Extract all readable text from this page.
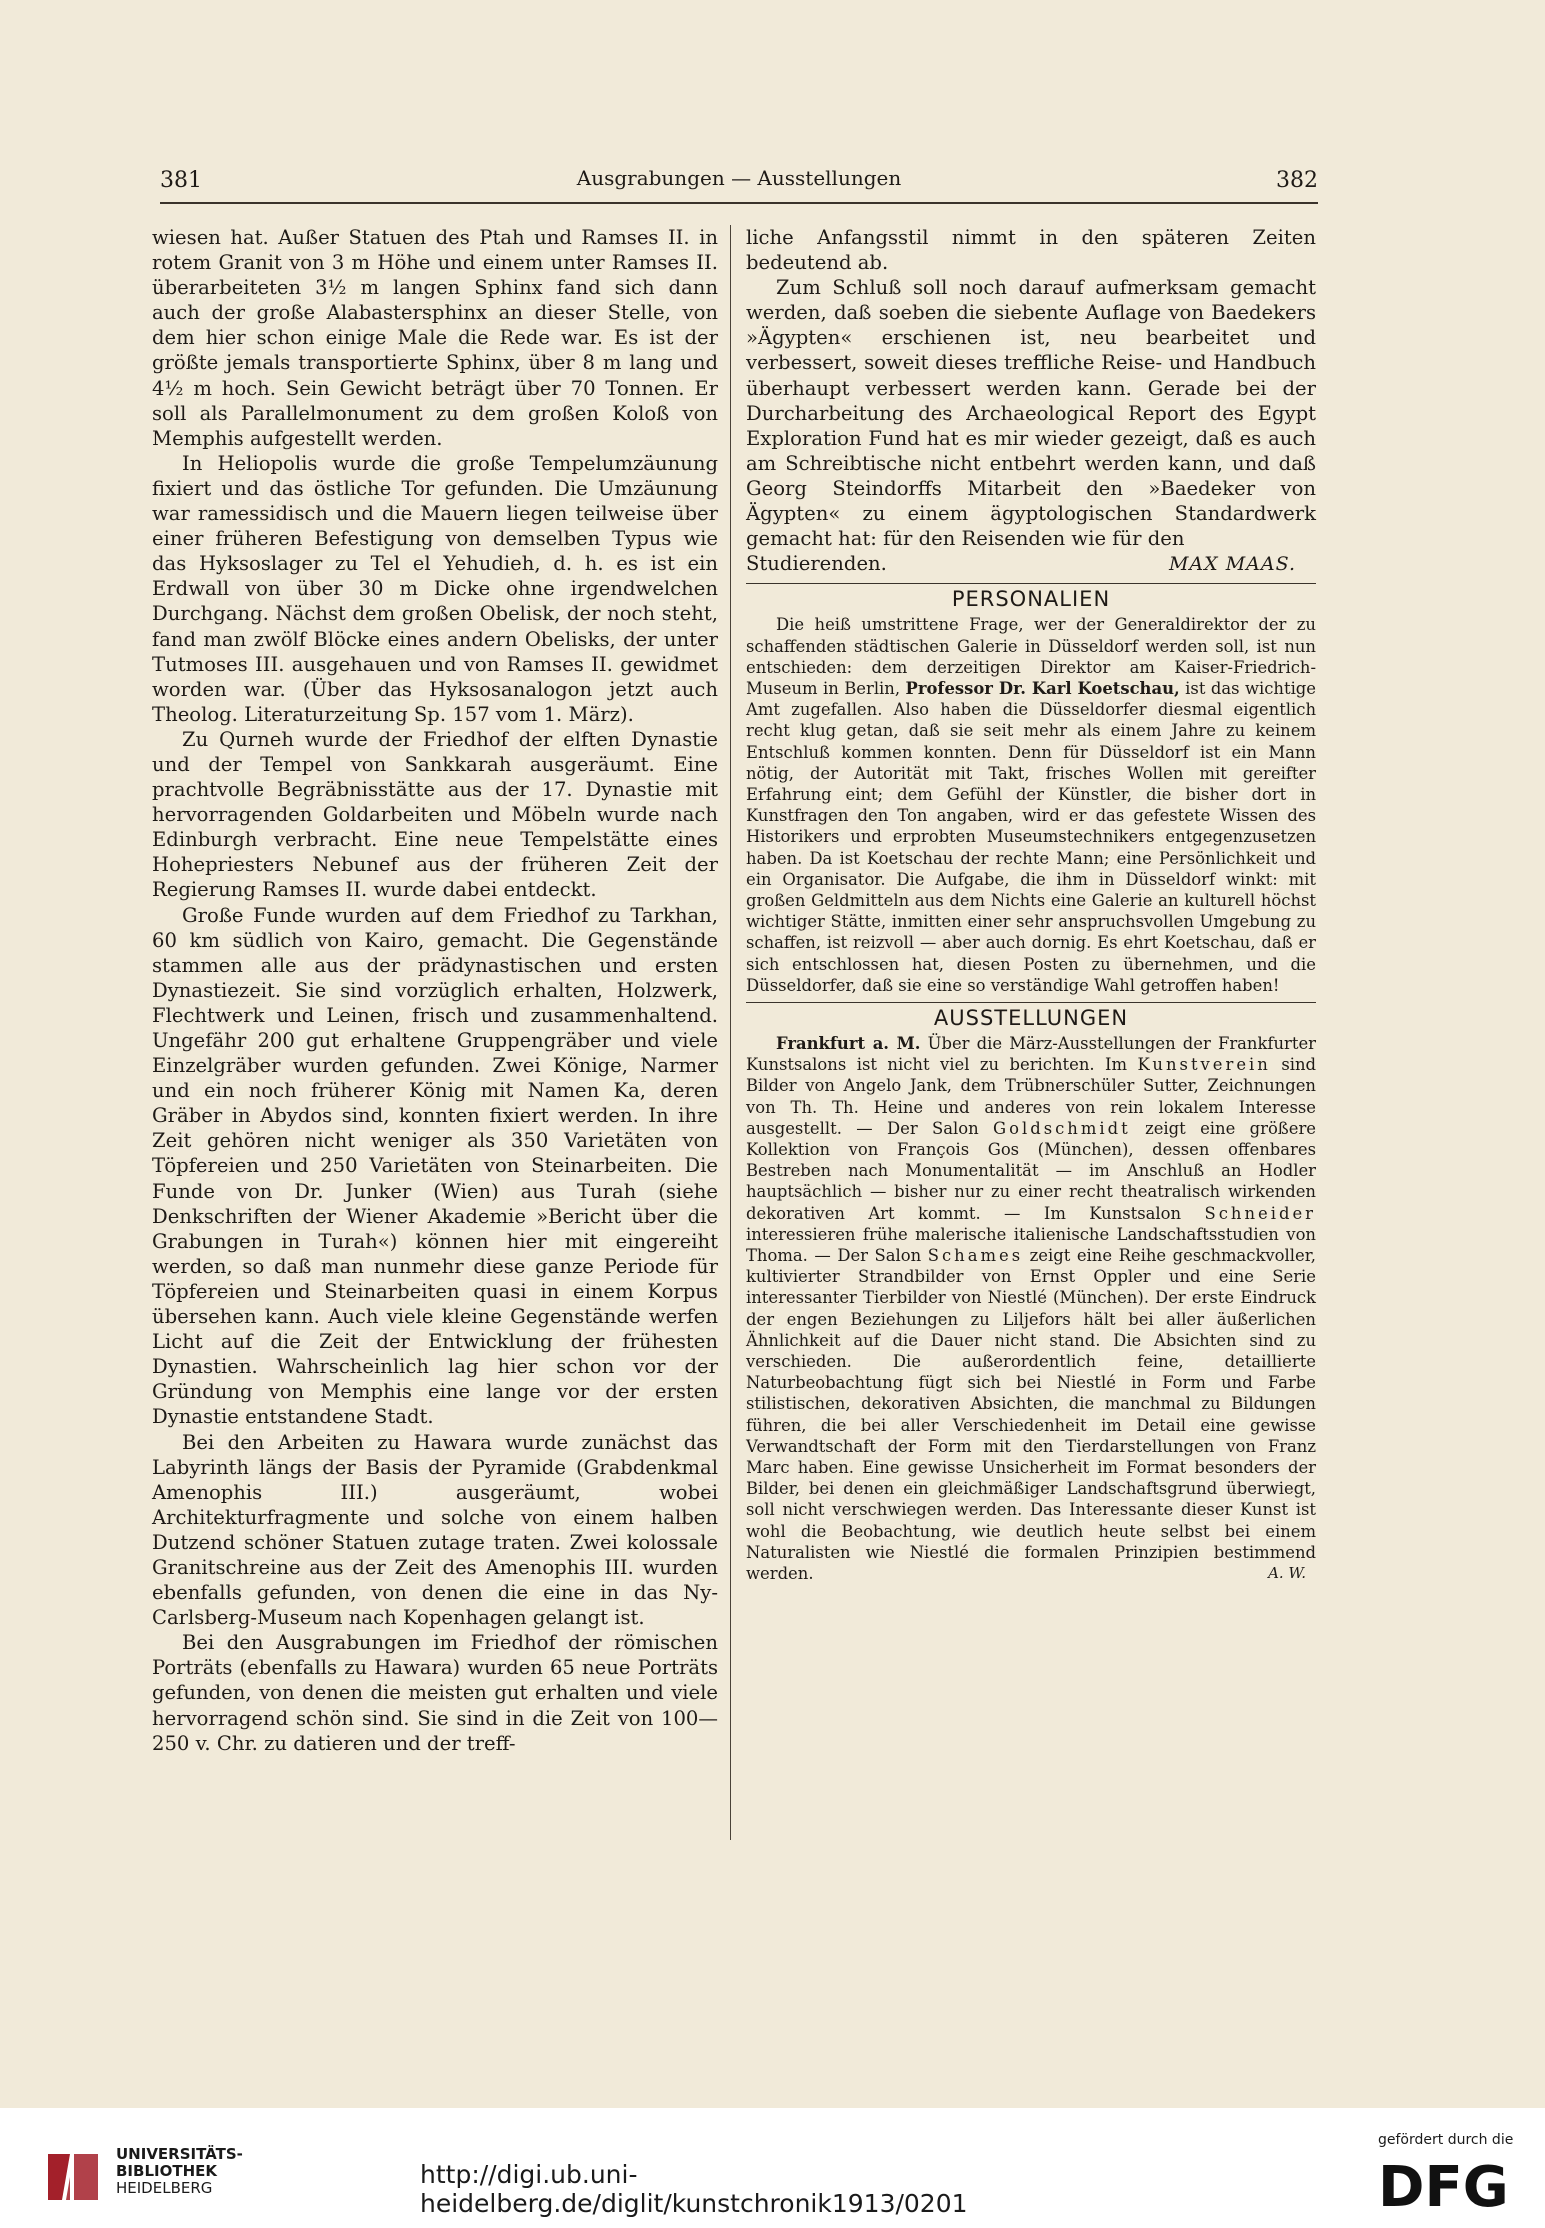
381	Ausgrabungen — Ausstellungen	382

wiesen hat. Außer Statuen des Ptah und Ramses II. in rotem Granit von 3 m Höhe und einem unter Ramses II. überarbeiteten 3½ m langen Sphinx fand sich dann auch der große Alabastersphinx an dieser Stelle, von dem hier schon einige Male die Rede war. Es ist der größte jemals transportierte Sphinx, über 8 m lang und 4½ m hoch. Sein Gewicht beträgt über 70 Tonnen. Er soll als Parallelmonument zu dem großen Koloß von Memphis aufgestellt werden.

In Heliopolis wurde die große Tempelumzäunung fixiert und das östliche Tor gefunden. Die Umzäunung war ramessidisch und die Mauern liegen teilweise über einer früheren Befestigung von demselben Typus wie das Hyksoslager zu Tel el Yehudieh, d. h. es ist ein Erdwall von über 30 m Dicke ohne irgendwelchen Durchgang. Nächst dem großen Obelisk, der noch steht, fand man zwölf Blöcke eines andern Obelisks, der unter Tutmoses III. ausgehauen und von Ramses II. gewidmet worden war. (Über das Hyksosanalogon jetzt auch Theolog. Literaturzeitung Sp. 157 vom 1. März).

Zu Qurneh wurde der Friedhof der elften Dynastie und der Tempel von Sankkarah ausgeräumt. Eine prachtvolle Begräbnisstätte aus der 17. Dynastie mit hervorragenden Goldarbeiten und Möbeln wurde nach Edinburgh verbracht. Eine neue Tempelstätte eines Hohepriesters Nebunef aus der früheren Zeit der Regierung Ramses II. wurde dabei entdeckt.

Große Funde wurden auf dem Friedhof zu Tarkhan, 60 km südlich von Kairo, gemacht. Die Gegenstände stammen alle aus der prädynastischen und ersten Dynastiezeit. Sie sind vorzüglich erhalten, Holzwerk, Flechtwerk und Leinen, frisch und zusammenhaltend. Ungefähr 200 gut erhaltene Gruppengräber und viele Einzelgräber wurden gefunden. Zwei Könige, Narmer und ein noch früherer König mit Namen Ka, deren Gräber in Abydos sind, konnten fixiert werden. In ihre Zeit gehören nicht weniger als 350 Varietäten von Töpfereien und 250 Varietäten von Steinarbeiten. Die Funde von Dr. Junker (Wien) aus Turah (siehe Denkschriften der Wiener Akademie »Bericht über die Grabungen in Turah«) können hier mit eingereiht werden, so daß man nunmehr diese ganze Periode für Töpfereien und Steinarbeiten quasi in einem Korpus übersehen kann. Auch viele kleine Gegenstände werfen Licht auf die Zeit der Entwicklung der frühesten Dynastien. Wahrscheinlich lag hier schon vor der Gründung von Memphis eine lange vor der ersten Dynastie entstandene Stadt.

Bei den Arbeiten zu Hawara wurde zunächst das Labyrinth längs der Basis der Pyramide (Grabdenkmal Amenophis III.) ausgeräumt, wobei Architekturfragmente und solche von einem halben Dutzend schöner Statuen zutage traten. Zwei kolossale Granitschreine aus der Zeit des Amenophis III. wurden ebenfalls gefunden, von denen die eine in das Ny-Carlsberg-Museum nach Kopenhagen gelangt ist.

Bei den Ausgrabungen im Friedhof der römischen Porträts (ebenfalls zu Hawara) wurden 65 neue Porträts gefunden, von denen die meisten gut erhalten und viele hervorragend schön sind. Sie sind in die Zeit von 100—250 v. Chr. zu datieren und der treff-

liche Anfangsstil nimmt in den späteren Zeiten bedeutend ab.

Zum Schluß soll noch darauf aufmerksam gemacht werden, daß soeben die siebente Auflage von Baedekers »Ägypten« erschienen ist, neu bearbeitet und verbessert, soweit dieses treffliche Reise- und Handbuch überhaupt verbessert werden kann. Gerade bei der Durcharbeitung des Archaeological Report des Egypt Exploration Fund hat es mir wieder gezeigt, daß es auch am Schreibtische nicht entbehrt werden kann, und daß Georg Steindorffs Mitarbeit den »Baedeker von Ägypten« zu einem ägyptologischen Standardwerk gemacht hat: für den Reisenden wie für den

Studierenden.	MAX MAAS.
PERSONALIEN

Die heiß umstrittene Frage, wer der Generaldirektor der zu schaffenden städtischen Galerie in Düsseldorf werden soll, ist nun entschieden: dem derzeitigen Direktor am Kaiser-Friedrich-Museum in Berlin, Professor Dr. Karl Koetschau, ist das wichtige Amt zugefallen. Also haben die Düsseldorfer diesmal eigentlich recht klug getan, daß sie seit mehr als einem Jahre zu keinem Entschluß kommen konnten. Denn für Düsseldorf ist ein Mann nötig, der Autorität mit Takt, frisches Wollen mit gereifter Erfahrung eint; dem Gefühl der Künstler, die bisher dort in Kunstfragen den Ton angaben, wird er das gefestete Wissen des Historikers und erprobten Museumstechnikers entgegenzusetzen haben. Da ist Koetschau der rechte Mann; eine Persönlichkeit und ein Organisator. Die Aufgabe, die ihm in Düsseldorf winkt: mit großen Geldmitteln aus dem Nichts eine Galerie an kulturell höchst wichtiger Stätte, inmitten einer sehr anspruchsvollen Umgebung zu schaffen, ist reizvoll — aber auch dornig. Es ehrt Koetschau, daß er sich entschlossen hat, diesen Posten zu übernehmen, und die Düsseldorfer, daß sie eine so verständige Wahl getroffen haben!

AUSSTELLUNGEN

Frankfurt a. M. Über die März-Ausstellungen der Frankfurter Kunstsalons ist nicht viel zu berichten. Im Kunstverein sind Bilder von Angelo Jank, dem Trübnerschüler Sutter, Zeichnungen von Th. Th. Heine und anderes von rein lokalem Interesse ausgestellt. — Der Salon Goldschmidt zeigt eine größere Kollektion von François Gos (München), dessen offenbares Bestreben nach Monumentalität — im Anschluß an Hodler hauptsächlich — bisher nur zu einer recht theatralisch wirkenden dekorativen Art kommt. — Im Kunstsalon Schneider interessieren frühe malerische italienische Landschaftsstudien von Thoma. — Der Salon Schames zeigt eine Reihe geschmackvoller, kultivierter Strandbilder von Ernst Oppler und eine Serie interessanter Tierbilder von Niestlé (München). Der erste Eindruck der engen Beziehungen zu Liljefors hält bei aller äußerlichen Ähnlichkeit auf die Dauer nicht stand. Die Absichten sind zu verschieden. Die außerordentlich feine, detaillierte Naturbeobachtung fügt sich bei Niestlé in Form und Farbe stilistischen, dekorativen Absichten, die manchmal zu Bildungen führen, die bei aller Verschiedenheit im Detail eine gewisse Verwandtschaft der Form mit den Tierdarstellungen von Franz Marc haben. Eine gewisse Unsicherheit im Format besonders der Bilder, bei denen ein gleichmäßiger Landschaftsgrund überwiegt, soll nicht verschwiegen werden. Das Interessante dieser Kunst ist wohl die Beobachtung, wie deutlich heute selbst bei einem Naturalisten wie Niestlé die formalen Prinzipien bestimmend werden.	A. W.

UNIVERSITÄTS-
BIBLIOTHEK
HEIDELBERG	http://digi.ub.uni-heidelberg.de/diglit/kunstchronik1913/0201
gefördert durch die
DFG
